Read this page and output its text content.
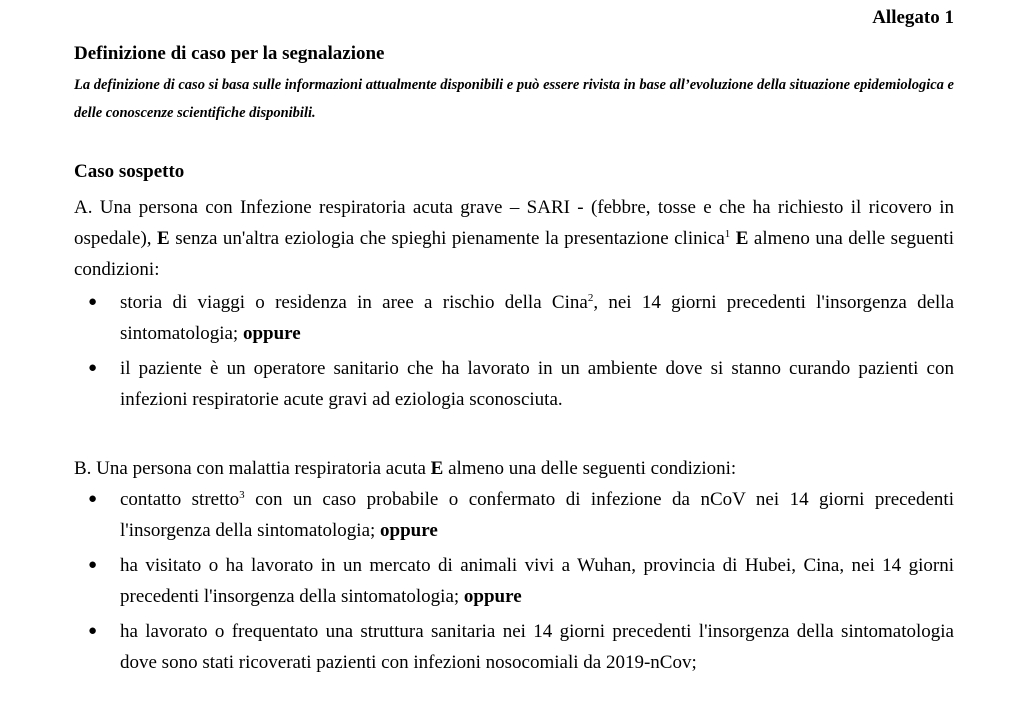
Allegato 1
Definizione di caso per la segnalazione
La definizione di caso si basa sulle informazioni attualmente disponibili e può essere rivista in base all’evoluzione della situazione epidemiologica e delle conoscenze scientifiche disponibili.
Caso sospetto
A. Una persona con Infezione respiratoria acuta grave – SARI - (febbre, tosse e che ha richiesto il ricovero in ospedale), E senza un'altra eziologia che spieghi pienamente la presentazione clinica$^1$ E almeno una delle seguenti condizioni:
● storia di viaggi o residenza in aree a rischio della Cina$^2$, nei 14 giorni precedenti l'insorgenza della sintomatologia; oppure
● il paziente è un operatore sanitario che ha lavorato in un ambiente dove si stanno curando pazienti con infezioni respiratorie acute gravi ad eziologia sconosciuta.
B. Una persona con malattia respiratoria acuta E almeno una delle seguenti condizioni:
● contatto stretto$^3$ con un caso probabile o confermato di infezione da nCoV nei 14 giorni precedenti l'insorgenza della sintomatologia; oppure
● ha visitato o ha lavorato in un mercato di animali vivi a Wuhan, provincia di Hubei, Cina, nei 14 giorni precedenti l'insorgenza della sintomatologia; oppure
● ha lavorato o frequentato una struttura sanitaria nei 14 giorni precedenti l'insorgenza della sintomatologia dove sono stati ricoverati pazienti con infezioni nosocomiali da 2019-nCov;
